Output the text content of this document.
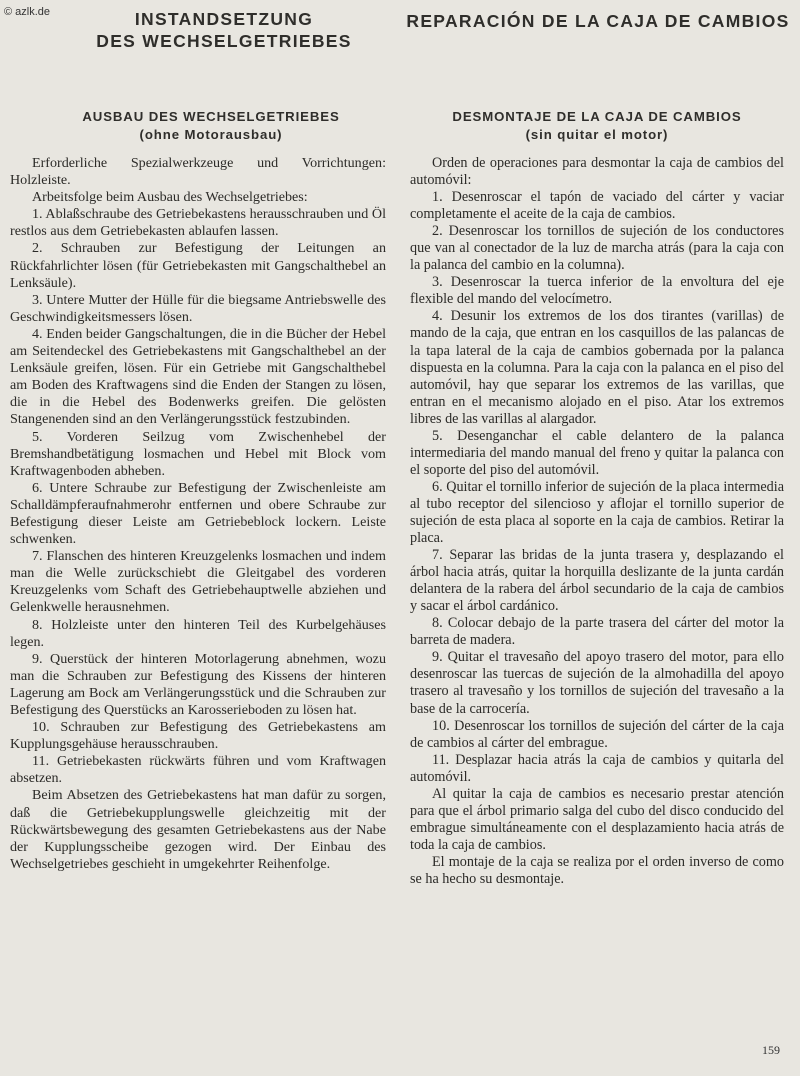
© azlk.de	INSTANDSETZUNG
DES WECHSELGETRIEBES
REPARACIÓN DE LA CAJA DE CAMBIOS
AUSBAU DES WECHSELGETRIEBES
(ohne Motorausbau)

Erforderliche Spezialwerkzeuge und Vorrichtungen: Holzleiste.

Arbeitsfolge beim Ausbau des Wechselgetriebes:

1. Ablaßschraube des Getriebekastens herausschrauben und Öl restlos aus dem Getriebekasten ablaufen lassen.

2. Schrauben zur Befestigung der Leitungen an Rückfahrlichter lösen (für Getriebekasten mit Gangschalthebel an Lenksäule).

3. Untere Mutter der Hülle für die biegsame Antriebswelle des Geschwindigkeitsmessers lösen.

4. Enden beider Gangschaltungen, die in die Bücher der Hebel am Seitendeckel des Getriebekastens mit Gangschalthebel an der Lenksäule greifen, lösen. Für ein Getriebe mit Gangschalthebel am Boden des Kraftwagens sind die Enden der Stangen zu lösen, die in die Hebel des Bodenwerks greifen. Die gelösten Stangenenden sind an den Verlängerungsstück festzubinden.

5. Vorderen Seilzug vom Zwischenhebel der Bremshandbetätigung losmachen und Hebel mit Block vom Kraftwagenboden abheben.

6. Untere Schraube zur Befestigung der Zwischenleiste am Schalldämpferaufnahmerohr entfernen und obere Schraube zur Befestigung dieser Leiste am Getriebeblock lockern. Leiste schwenken.

7. Flanschen des hinteren Kreuzgelenks losmachen und indem man die Welle zurückschiebt die Gleitgabel des vorderen Kreuzgelenks vom Schaft des Getriebehauptwelle abziehen und Gelenkwelle herausnehmen.

8. Holzleiste unter den hinteren Teil des Kurbelgehäuses legen.

9. Querstück der hinteren Motorlagerung abnehmen, wozu man die Schrauben zur Befestigung des Kissens der hinteren Lagerung am Bock am Verlängerungsstück und die Schrauben zur Befestigung des Querstücks an Karosserieboden zu lösen hat.

10. Schrauben zur Befestigung des Getriebekastens am Kupplungsgehäuse herausschrauben.

11. Getriebekasten rückwärts führen und vom Kraftwagen absetzen.

Beim Absetzen des Getriebekastens hat man dafür zu sorgen, daß die Getriebekupplungswelle gleichzeitig mit der Rückwärtsbewegung des gesamten Getriebekastens aus der Nabe der Kupplungsscheibe gezogen wird. Der Einbau des Wechselgetriebes geschieht in umgekehrter Reihenfolge.

DESMONTAJE DE LA CAJA DE CAMBIOS
(sin quitar el motor)

Orden de operaciones para desmontar la caja de cambios del automóvil:

1. Desenroscar el tapón de vaciado del cárter y vaciar completamente el aceite de la caja de cambios.

2. Desenroscar los tornillos de sujeción de los conductores que van al conectador de la luz de marcha atrás (para la caja con la palanca del cambio en la columna).

3. Desenroscar la tuerca inferior de la envoltura del eje flexible del mando del velocímetro.

4. Desunir los extremos de los dos tirantes (varillas) de mando de la caja, que entran en los casquillos de las palancas de la tapa lateral de la caja de cambios gobernada por la palanca dispuesta en la columna. Para la caja con la palanca en el piso del automóvil, hay que separar los extremos de las varillas, que entran en el mecanismo alojado en el piso. Atar los extremos libres de las varillas al alargador.

5. Desenganchar el cable delantero de la palanca intermediaria del mando manual del freno y quitar la palanca con el soporte del piso del automóvil.

6. Quitar el tornillo inferior de sujeción de la placa intermedia al tubo receptor del silencioso y aflojar el tornillo superior de sujeción de esta placa al soporte en la caja de cambios. Retirar la placa.

7. Separar las bridas de la junta trasera y, desplazando el árbol hacia atrás, quitar la horquilla deslizante de la junta cardán delantera de la rabera del árbol secundario de la caja de cambios y sacar el árbol cardánico.

8. Colocar debajo de la parte trasera del cárter del motor la barreta de madera.

9. Quitar el travesaño del apoyo trasero del motor, para ello desenroscar las tuercas de sujeción de la almohadilla del apoyo trasero al travesaño y los tornillos de sujeción del travesaño a la base de la carrocería.

10. Desenroscar los tornillos de sujeción del cárter de la caja de cambios al cárter del embrague.

11. Desplazar hacia atrás la caja de cambios y quitarla del automóvil.

Al quitar la caja de cambios es necesario prestar atención para que el árbol primario salga del cubo del disco conducido del embrague simultáneamente con el desplazamiento hacia atrás de toda la caja de cambios.

El montaje de la caja se realiza por el orden inverso de como se ha hecho su desmontaje.

159
